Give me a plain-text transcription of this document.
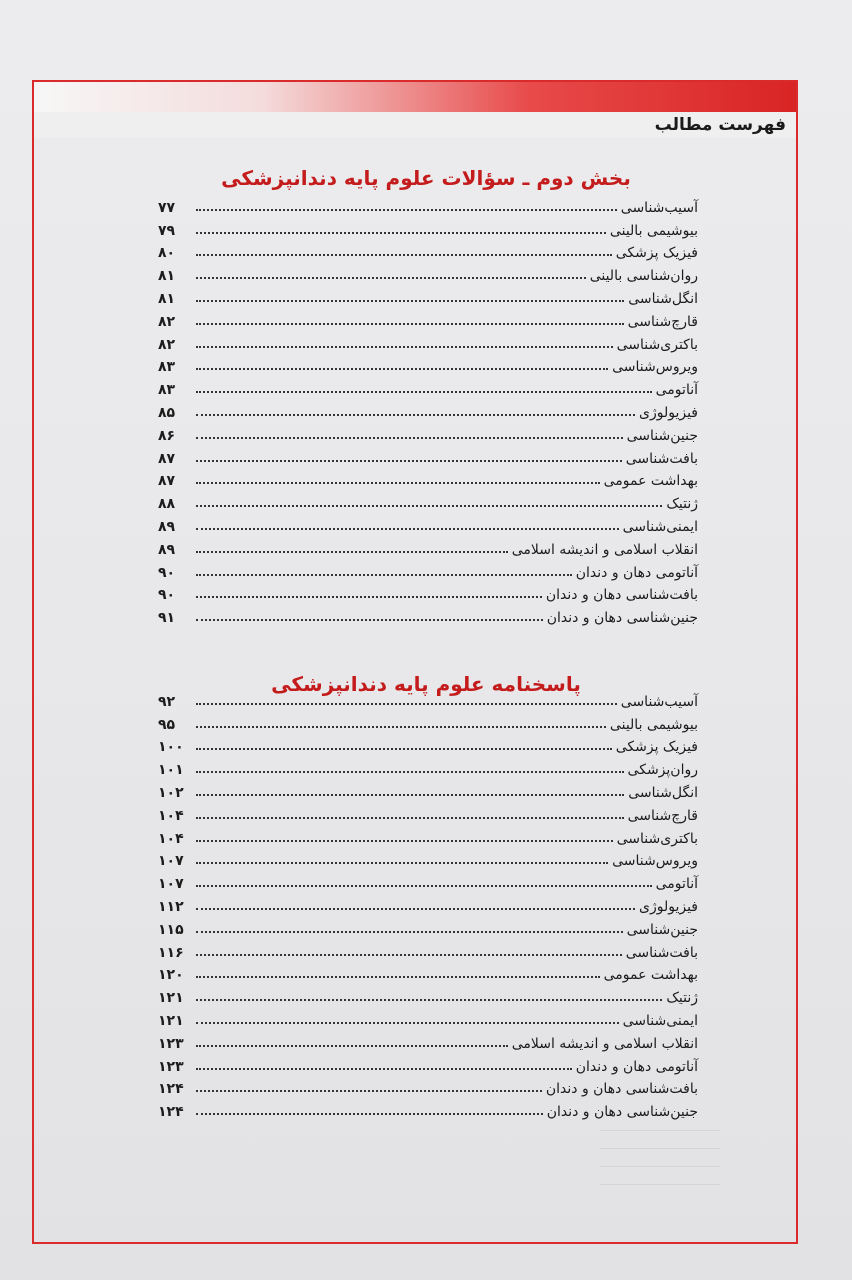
فهرست مطالب
بخش دوم ـ سؤالات علوم پایه دندانپزشکی
آسیب‌شناسی
۷۷
بیوشیمی بالینی
۷۹
فیزیک پزشکی
۸۰
روان‌شناسی بالینی
۸۱
انگل‌شناسی
۸۱
قارچ‌شناسی
۸۲
باکتری‌شناسی
۸۲
ویروس‌شناسی
۸۳
آناتومی
۸۳
فیزیولوژی
۸۵
جنین‌شناسی
۸۶
بافت‌شناسی
۸۷
بهداشت عمومی
۸۷
ژنتیک
۸۸
ایمنی‌شناسی
۸۹
انقلاب اسلامی و اندیشه اسلامی
۸۹
آناتومی دهان و دندان
۹۰
بافت‌شناسی دهان و دندان
۹۰
جنین‌شناسی دهان و دندان
۹۱
پاسخنامه علوم پایه دندانپزشکی
آسیب‌شناسی
۹۲
بیوشیمی بالینی
۹۵
فیزیک پزشکی
۱۰۰
روان‌پزشکی
۱۰۱
انگل‌شناسی
۱۰۲
قارچ‌شناسی
۱۰۴
باکتری‌شناسی
۱۰۴
ویروس‌شناسی
۱۰۷
آناتومی
۱۰۷
فیزیولوژی
۱۱۲
جنین‌شناسی
۱۱۵
بافت‌شناسی
۱۱۶
بهداشت عمومی
۱۲۰
ژنتیک
۱۲۱
ایمنی‌شناسی
۱۲۱
انقلاب اسلامی و اندیشه اسلامی
۱۲۳
آناتومی دهان و دندان
۱۲۳
بافت‌شناسی دهان و دندان
۱۲۴
جنین‌شناسی دهان و دندان
۱۲۴
